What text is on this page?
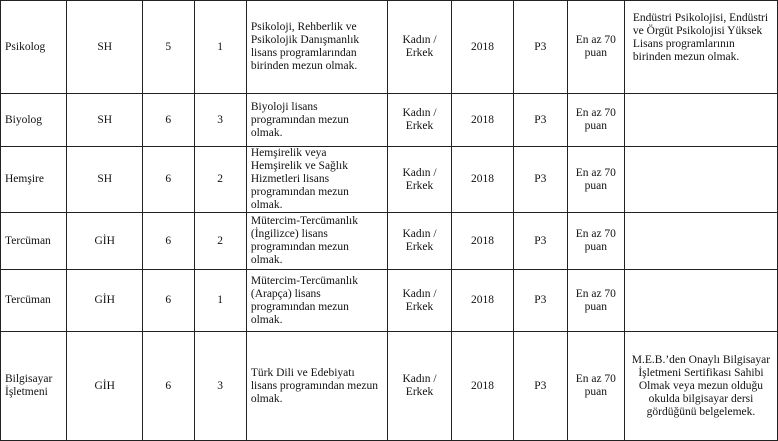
Psikolog	SH	5	1	Psikoloji, Rehberlik ve
Psikolojik Danışmanlık
lisans programlarından
birinden mezun olmak.	Kadın /
Erkek	2018	P3	En az 70
puan	Endüstri Psikolojisi, Endüstri
ve Örgüt Psikolojisi Yüksek
Lisans programlarının
birinden mezun olmak.
Biyolog	SH	6	3	Biyoloji lisans
programından mezun
olmak.	Kadın /
Erkek	2018	P3	En az 70
puan	
Hemşire	SH	6	2	Hemşirelik veya
Hemşirelik ve Sağlık
Hizmetleri lisans
programından mezun
olmak.	Kadın /
Erkek	2018	P3	En az 70
puan	
Tercüman	GİH	6	2	Mütercim-Tercümanlık
(İngilizce) lisans
programından mezun
olmak.	Kadın /
Erkek	2018	P3	En az 70
puan	
Tercüman	GİH	6	1	Mütercim-Tercümanlık
(Arapça) lisans
programından mezun
olmak.	Kadın /
Erkek	2018	P3	En az 70
puan	
Bilgisayar
İşletmeni	GİH	6	3	Türk Dili ve Edebiyatı
lisans programından mezun
olmak.	Kadın /
Erkek	2018	P3	En az 70
puan	M.E.B.’den Onaylı Bilgisayar
İşletmeni Sertifikası Sahibi
Olmak veya mezun olduğu
okulda bilgisayar dersi
gördüğünü belgelemek.
